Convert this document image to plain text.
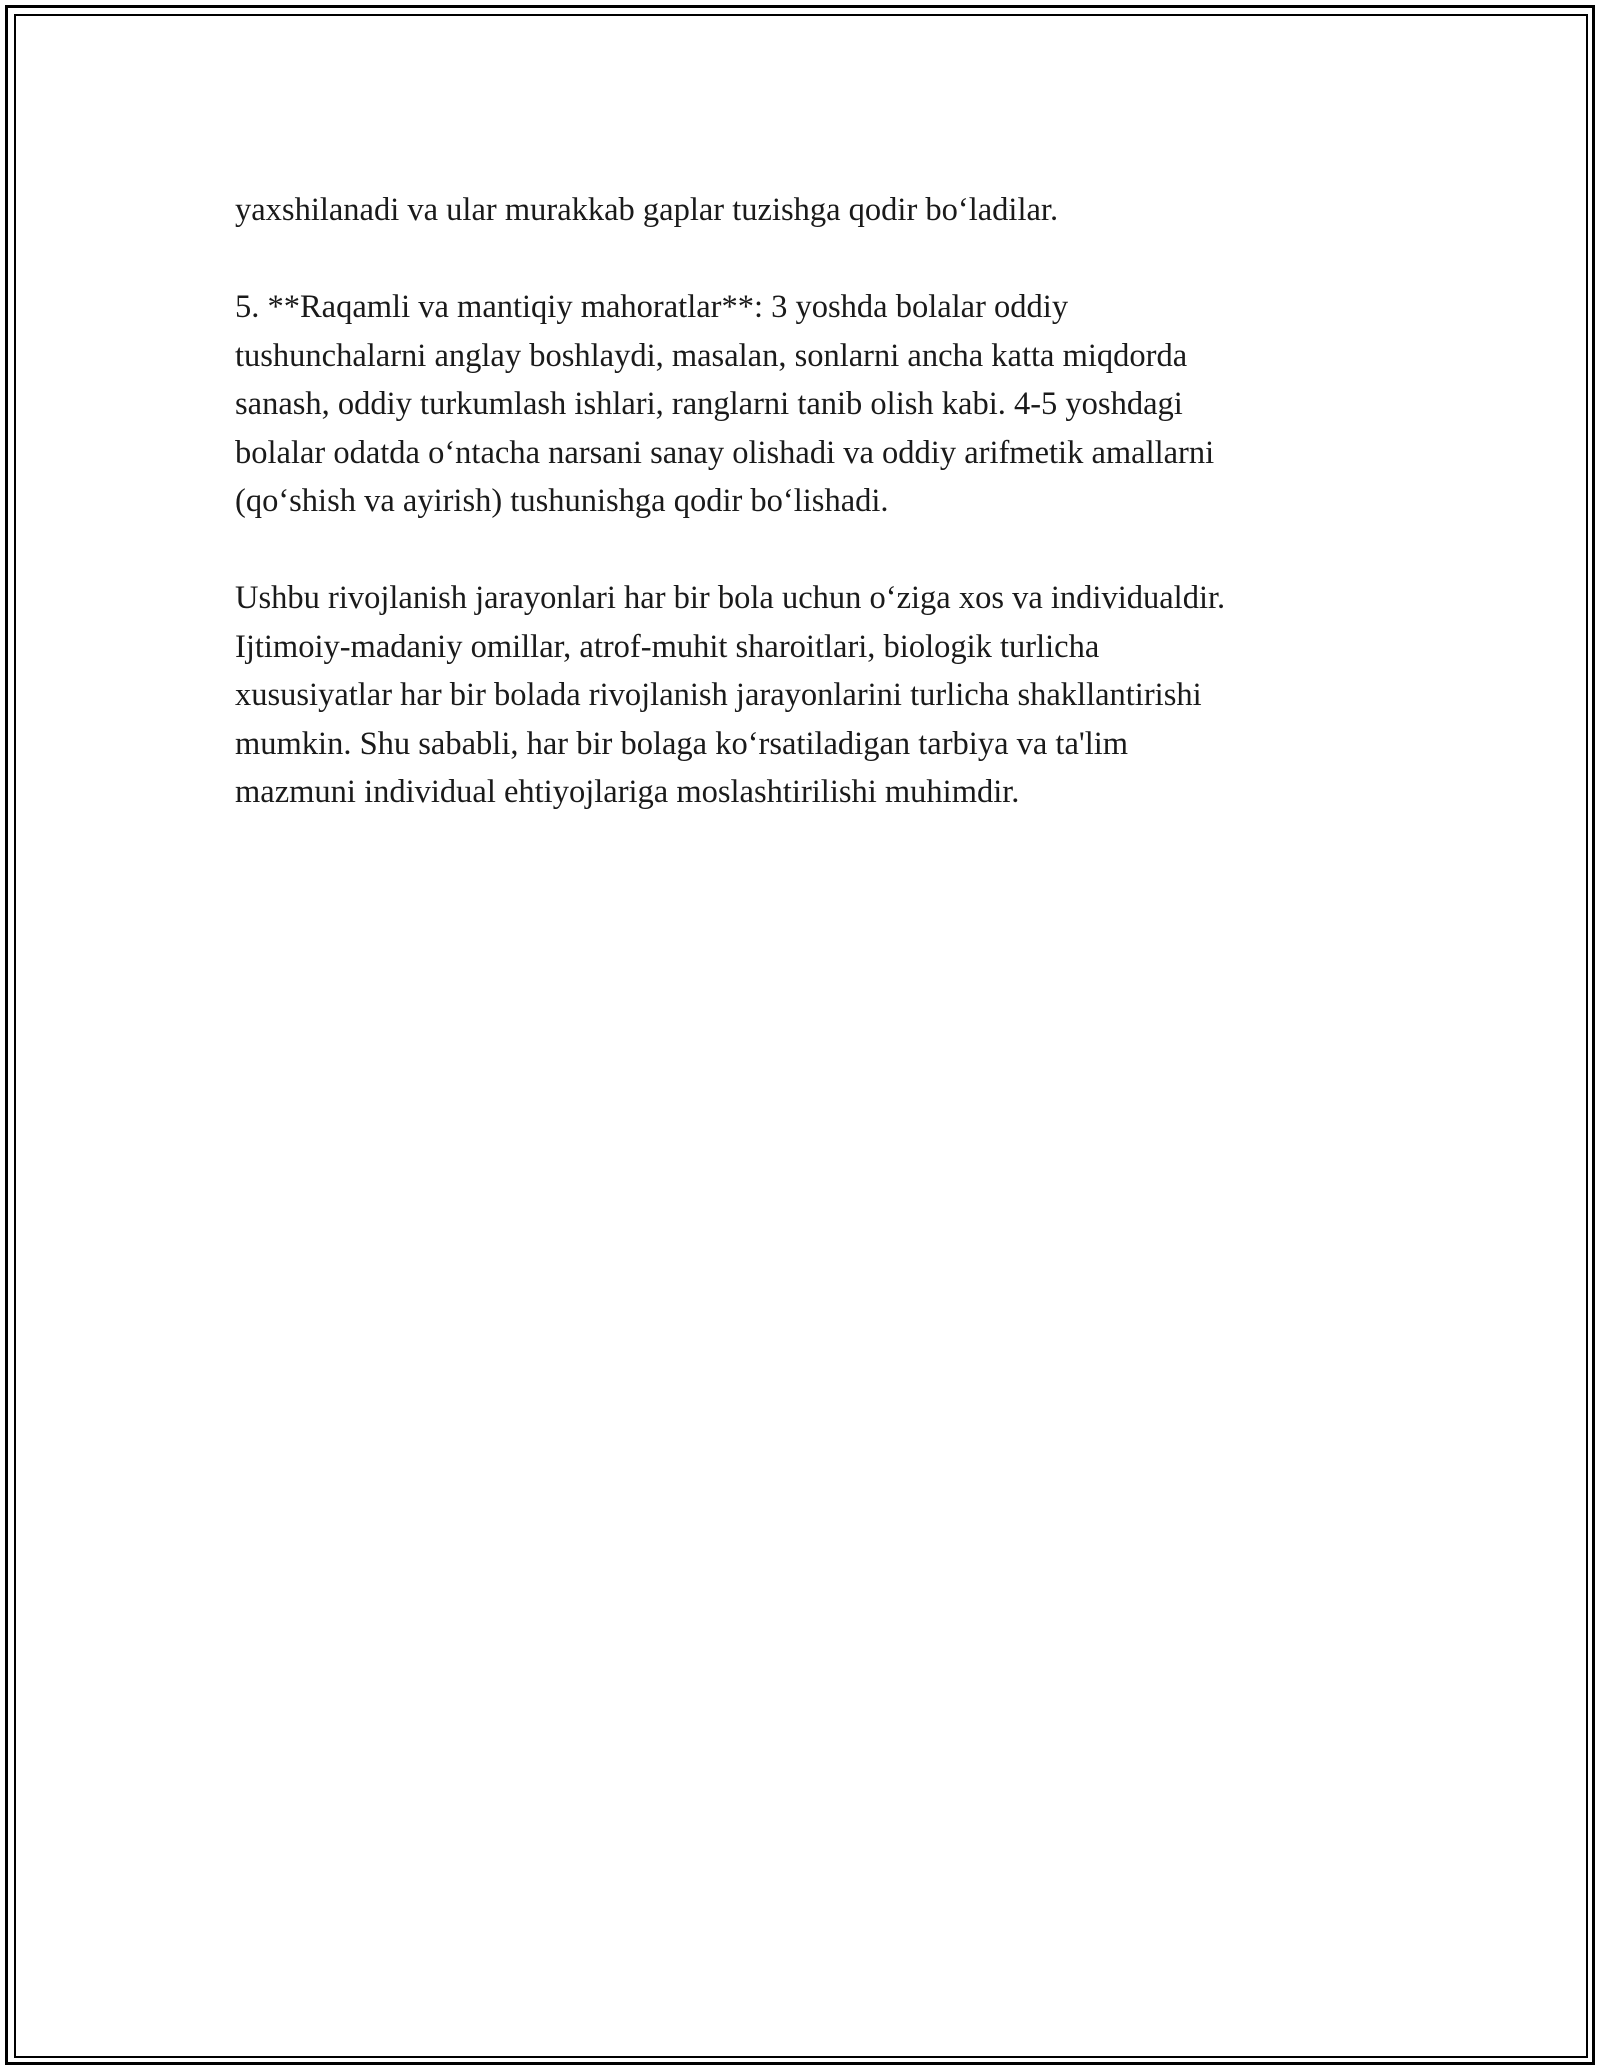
yaxshilanadi va ular murakkab gaplar tuzishga qodir bo‘ladilar.

5. **Raqamli va mantiqiy mahoratlar**: 3 yoshda bolalar oddiy
tushunchalarni anglay boshlaydi, masalan, sonlarni ancha katta miqdorda
sanash, oddiy turkumlash ishlari, ranglarni tanib olish kabi. 4-5 yoshdagi
bolalar odatda o‘ntacha narsani sanay olishadi va oddiy arifmetik amallarni
(qo‘shish va ayirish) tushunishga qodir bo‘lishadi.

Ushbu rivojlanish jarayonlari har bir bola uchun o‘ziga xos va individualdir.
Ijtimoiy-madaniy omillar, atrof-muhit sharoitlari, biologik turlicha
xususiyatlar har bir bolada rivojlanish jarayonlarini turlicha shakllantirishi
mumkin. Shu sababli, har bir bolaga ko‘rsatiladigan tarbiya va ta'lim
mazmuni individual ehtiyojlariga moslashtirilishi muhimdir.
